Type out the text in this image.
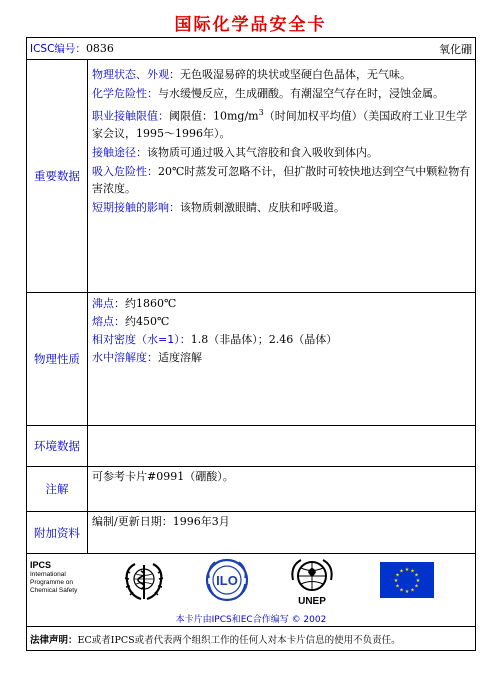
国际化学品安全卡
ICSC编号：0836	氧化硼
重要数据

物理状态、外观：无色吸湿易碎的块状或坚硬白色晶体，无气味。

化学危险性：与水缓慢反应，生成硼酸。有潮湿空气存在时，浸蚀金属。

职业接触限值：阈限值：$10mg/m^3$（时间加权平均值）（美国政府工业卫生学家会议，1995～1996年）。

接触途径：该物质可通过吸入其气溶胶和食入吸收到体内。

吸入危险性：20℃时蒸发可忽略不计，但扩散时可较快地达到空气中颗粒物有害浓度。

短期接触的影响：该物质刺激眼睛、皮肤和呼吸道。

物理性质

沸点：约1860℃

熔点：约450℃

相对密度（水=1）：1.8（非晶体）；2.46（晶体）

水中溶解度：适度溶解

环境数据
注解
可参考卡片#0991（硼酸）。
附加资料
编制/更新日期：1996年3月
IPCS
International
Programme on
Chemical Safety
ILO
UNEP
★ ★
★
★
★
★
★
★
★
★
★
★
本卡片由IPCS和EC合作编写 © 2002
法律声明：EC或者IPCS或者代表两个组织工作的任何人对本卡片信息的使用不负责任。
